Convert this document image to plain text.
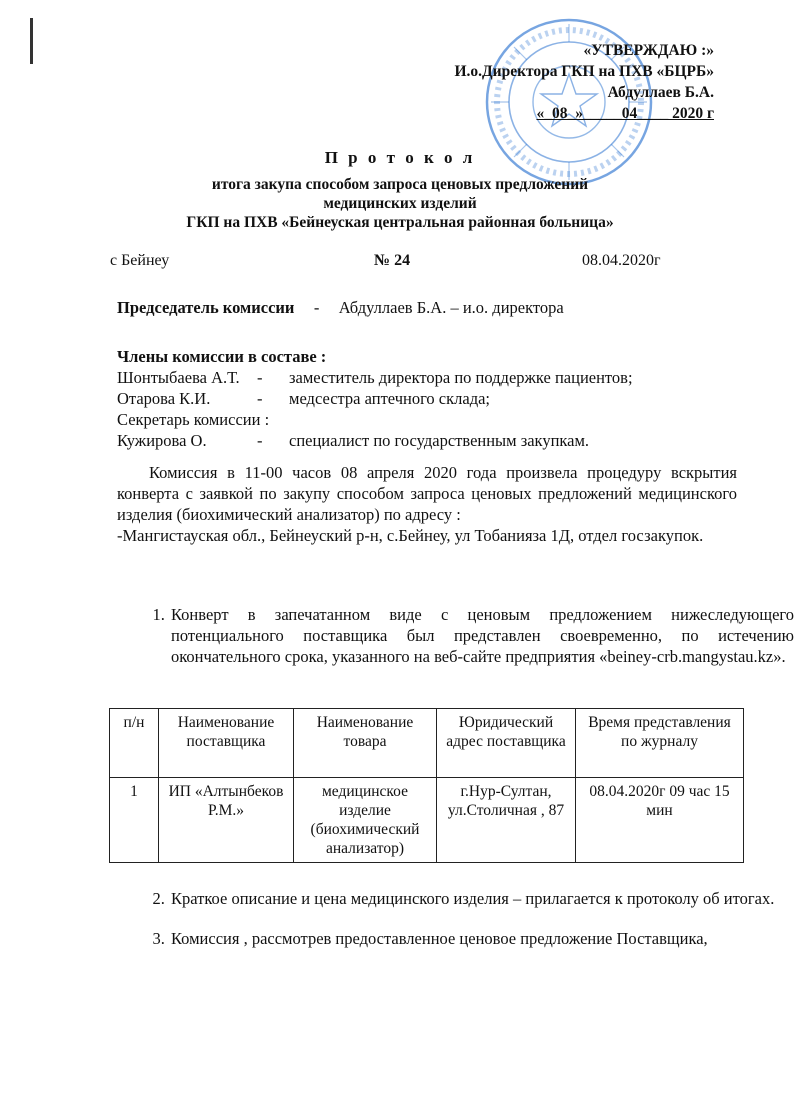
«УТВЕРЖДАЮ :»
И.о.Директора ГКП на ПХВ «БЦРБ»
Абдуллаев Б.А.
«_08_»_____04____ 2020 г
П р о т о к о л
итога закупа способом запроса ценовых предложений
медицинских изделий
ГКП на ПХВ «Бейнеуская центральная районная больница»
с Бейнеу	№ 24	08.04.2020г
Председатель комиссии - Абдуллаев Б.А. – и.о. директора
Члены комиссии в составе :
Шонтыбаева А.Т. - заместитель директора по поддержке пациентов;
Отарова К.И.	- медсестра аптечного склада;
Секретарь комиссии :
Кужирова О.	- специалист по государственным закупкам.

Комиссия в 11-00 часов 08 апреля 2020 года произвела процедуру вскрытия конверта с заявкой по закупу способом запроса ценовых предложений медицинского изделия (биохимический анализатор) по адресу :

-Мангистауская обл., Бейнеуский р-н, с.Бейнеу, ул Тобанияза 1Д, отдел госзакупок.

1. Конверт в запечатанном виде с ценовым предложением нижеследующего потенциального поставщика был представлен своевременно, по истечению окончательного срока, указанного на веб-сайте предприятия «beiney-crb.mangystau.kz».
п/н	Наименование поставщика	Наименование товара	Юридический адрес поставщика	Время представления по журналу
1	ИП «Алтынбеков Р.М.»	медицинское изделие (биохимический анализатор)	г.Нур-Султан, ул.Столичная , 87	08.04.2020г 09 час 15 мин
2. Краткое описание и цена медицинского изделия – прилагается к протоколу об итогах.
3. Комиссия , рассмотрев предоставленное ценовое предложение Поставщика,
